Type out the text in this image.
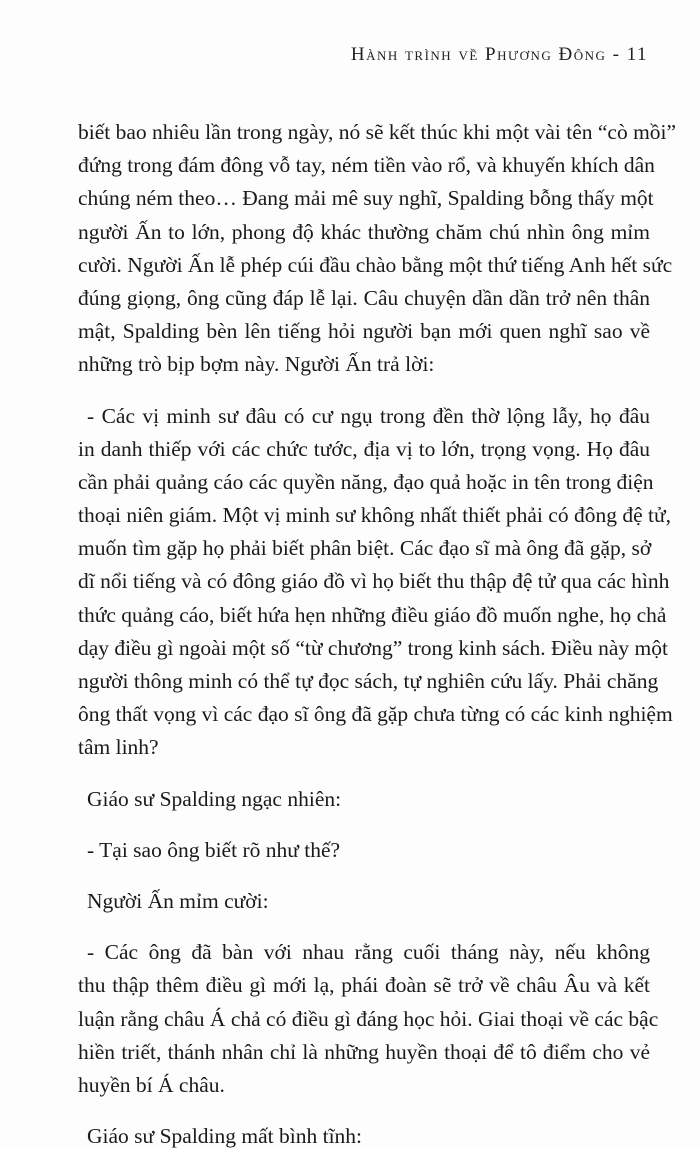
Hành trình về Phương Đông - 11
biết bao nhiêu lần trong ngày, nó sẽ kết thúc khi một vài tên “cò mồi”
đứng trong đám đông vỗ tay, ném tiền vào rổ, và khuyến khích dân
chúng ném theo… Đang mải mê suy nghĩ, Spalding bỗng thấy một
người Ấn to lớn, phong độ khác thường chăm chú nhìn ông mỉm
cười. Người Ấn lễ phép cúi đầu chào bằng một thứ tiếng Anh hết sức
đúng giọng, ông cũng đáp lễ lại. Câu chuyện dần dần trở nên thân
mật, Spalding bèn lên tiếng hỏi người bạn mới quen nghĩ sao về
những trò bịp bợm này. Người Ấn trả lời:
- Các vị minh sư đâu có cư ngụ trong đền thờ lộng lẫy, họ đâu
in danh thiếp với các chức tước, địa vị to lớn, trọng vọng. Họ đâu
cần phải quảng cáo các quyền năng, đạo quả hoặc in tên trong điện
thoại niên giám. Một vị minh sư không nhất thiết phải có đông đệ tử,
muốn tìm gặp họ phải biết phân biệt. Các đạo sĩ mà ông đã gặp, sở
dĩ nổi tiếng và có đông giáo đồ vì họ biết thu thập đệ tử qua các hình
thức quảng cáo, biết hứa hẹn những điều giáo đồ muốn nghe, họ chả
dạy điều gì ngoài một số “từ chương” trong kinh sách. Điều này một
người thông minh có thể tự đọc sách, tự nghiên cứu lấy. Phải chăng
ông thất vọng vì các đạo sĩ ông đã gặp chưa từng có các kinh nghiệm
tâm linh?
Giáo sư Spalding ngạc nhiên:
- Tại sao ông biết rõ như thế?
Người Ấn mỉm cười:
- Các ông đã bàn với nhau rằng cuối tháng này, nếu không
thu thập thêm điều gì mới lạ, phái đoàn sẽ trở về châu Âu và kết
luận rằng châu Á chả có điều gì đáng học hỏi. Giai thoại về các bậc
hiền triết, thánh nhân chỉ là những huyền thoại để tô điểm cho vẻ
huyền bí Á châu.
Giáo sư Spalding mất bình tĩnh:
